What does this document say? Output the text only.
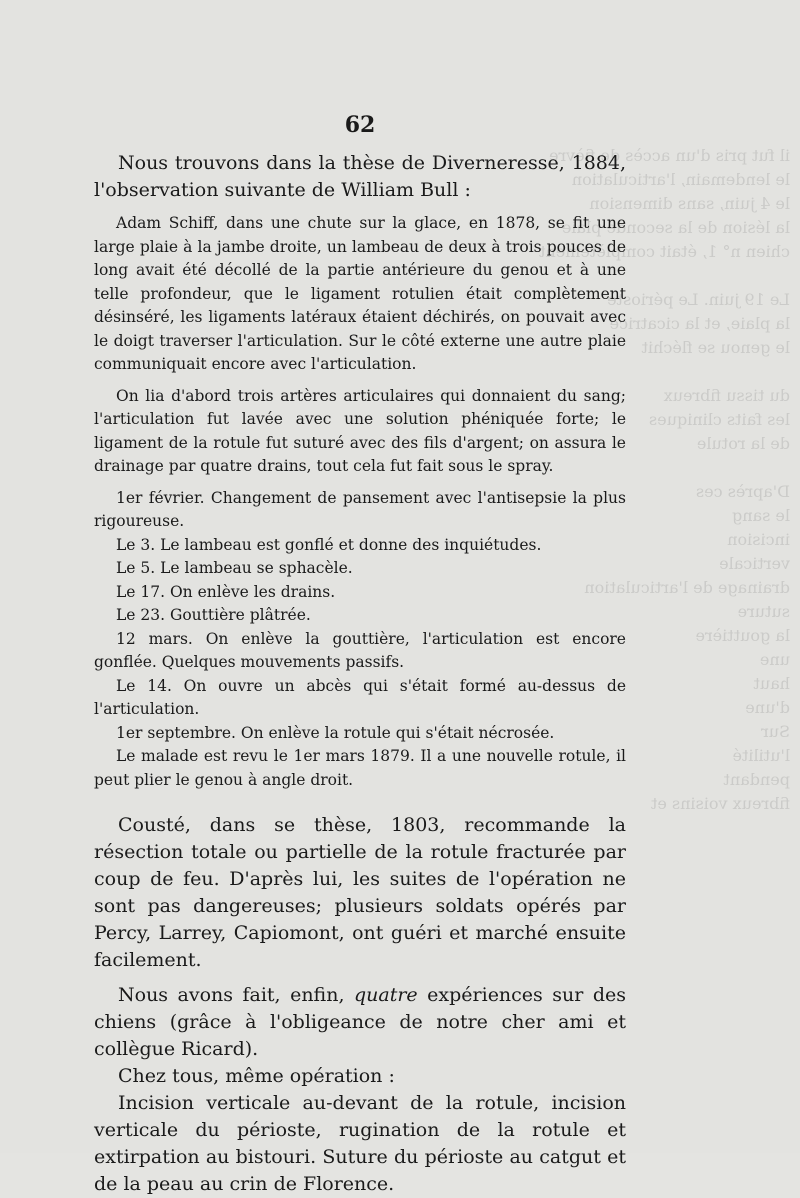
il fut pris d'un accès de fièvre
le lendemain, l'articulation
le 4 juin, sans dimension
la lésion de la seconde plaie
chien n° 1, était complètement

Le 19 juin. Le périoste
la plaie, et la cicatrice
le genou se fléchit

du tissu fibreux
les faits cliniques
de la rotule

D'après ces
le sang
incision
verticale
drainage de l'articulation
suture
la gouttière
une
haut
d'une
Sur
l'utilité
pendant
fibreux voisins et

62

Nous trouvons dans la thèse de Diverneresse, 1884, l'observation suivante de William Bull :

Adam Schiff, dans une chute sur la glace, en 1878, se fit une large plaie à la jambe droite, un lambeau de deux à trois pouces de long avait été décollé de la partie antérieure du genou et à une telle profondeur, que le ligament rotulien était complètement désinséré, les ligaments latéraux étaient déchirés, on pouvait avec le doigt traverser l'articulation. Sur le côté externe une autre plaie communiquait encore avec l'articulation.

On lia d'abord trois artères articulaires qui donnaient du sang; l'articulation fut lavée avec une solution phéniquée forte; le ligament de la rotule fut suturé avec des fils d'argent; on assura le drainage par quatre drains, tout cela fut fait sous le spray.

1er février. Changement de pansement avec l'antisepsie la plus rigoureuse.

Le 3. Le lambeau est gonflé et donne des inquiétudes.

Le 5. Le lambeau se sphacèle.

Le 17. On enlève les drains.

Le 23. Gouttière plâtrée.

12 mars. On enlève la gouttière, l'articulation est encore gonflée. Quelques mouvements passifs.

Le 14. On ouvre un abcès qui s'était formé au-dessus de l'articulation.

1er septembre. On enlève la rotule qui s'était nécrosée.

Le malade est revu le 1er mars 1879. Il a une nouvelle rotule, il peut plier le genou à angle droit.

Cousté, dans se thèse, 1803, recommande la résection totale ou partielle de la rotule fracturée par coup de feu. D'après lui, les suites de l'opération ne sont pas dangereuses; plusieurs soldats opérés par Percy, Larrey, Capiomont, ont guéri et marché ensuite facilement.

Nous avons fait, enfin, quatre expériences sur des chiens (grâce à l'obligeance de notre cher ami et collègue Ricard).

Chez tous, même opération :

Incision verticale au-devant de la rotule, incision verticale du périoste, rugination de la rotule et extirpation au bistouri. Suture du périoste au catgut et de la peau au crin de Florence.
